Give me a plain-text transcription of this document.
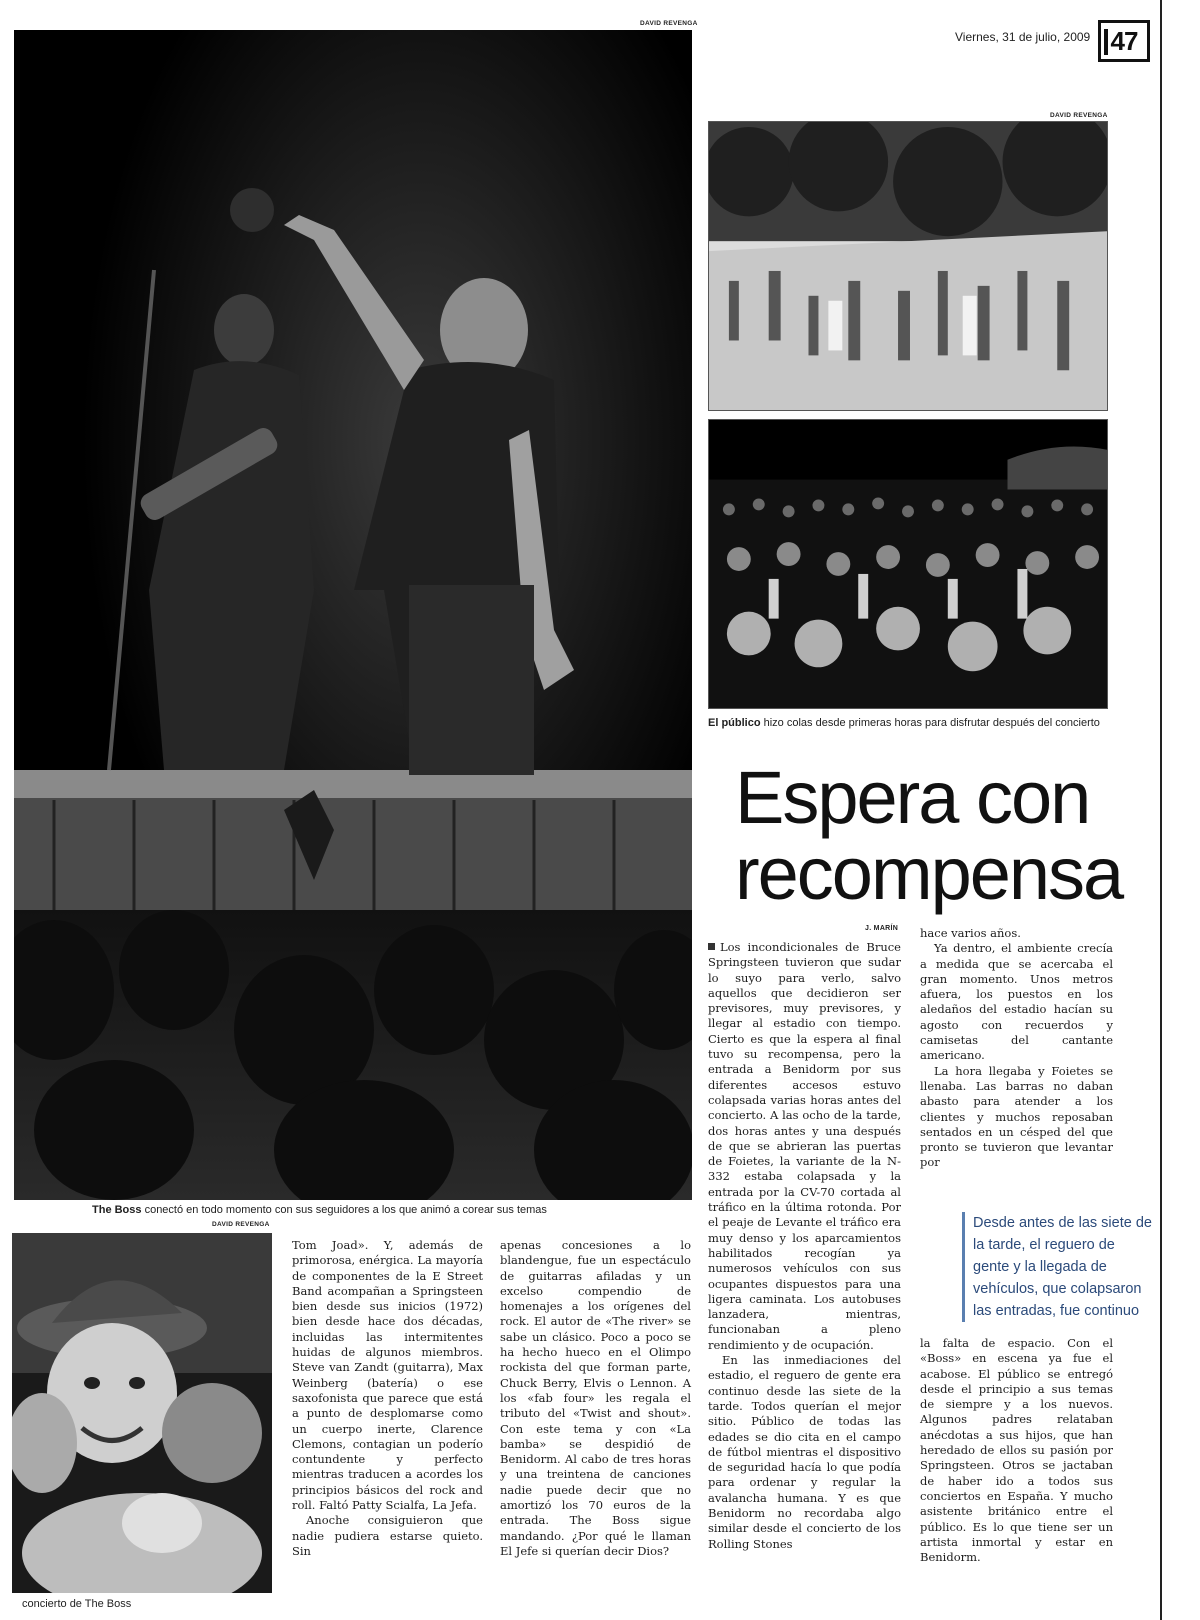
Viernes, 31 de julio, 2009 47
DAVID REVENGA
The Boss conectó en todo momento con sus seguidores a los que animó a corear sus temas
DAVID REVENGA
El público hizo colas desde primeras horas para disfrutar después del concierto
Espera con
recompensa
J. MARÍN
DAVID REVENGA
concierto de The Boss

Tom Joad». Y, además de primorosa, enérgica. La mayoría de componentes de la E Street Band acompañan a Springsteen bien desde sus inicios (1972) bien desde hace dos décadas, incluidas las intermitentes huidas de algunos miembros. Steve van Zandt (guitarra), Max Weinberg (batería) o ese saxofonista que parece que está a punto de desplomarse como un cuerpo inerte, Clarence Clemons, contagian un poderío contundente y perfecto mientras traducen a acordes los principios básicos del rock and roll. Faltó Patty Scialfa, La Jefa.

Anoche consiguieron que nadie pudiera estarse quieto. Sin

apenas concesiones a lo blandengue, fue un espectáculo de guitarras afiladas y un excelso compendio de homenajes a los orígenes del rock. El autor de «The river» se sabe un clásico. Poco a poco se ha hecho hueco en el Olimpo rockista del que forman parte, Chuck Berry, Elvis o Lennon. A los «fab four» les regala el tributo del «Twist and shout». Con este tema y con «La bamba» se despidió de Benidorm. Al cabo de tres horas y una treintena de canciones nadie puede decir que no amortizó los 70 euros de la entrada. The Boss sigue mandando. ¿Por qué le llaman El Jefe si querían decir Dios?

Los incondicionales de Bruce Springsteen tuvieron que sudar lo suyo para verlo, salvo aquellos que decidieron ser previsores, muy previsores, y llegar al estadio con tiempo. Cierto es que la espera al final tuvo su recompensa, pero la entrada a Benidorm por sus diferentes accesos estuvo colapsada varias horas antes del concierto. A las ocho de la tarde, dos horas antes y una después de que se abrieran las puertas de Foietes, la variante de la N-332 estaba colapsada y la entrada por la CV-70 cortada al tráfico en la última rotonda. Por el peaje de Levante el tráfico era muy denso y los aparcamientos habilitados recogían ya numerosos vehículos con sus ocupantes dispuestos para una ligera caminata. Los autobuses lanzadera, mientras, funcionaban a pleno rendimiento y de ocupación.

En las inmediaciones del estadio, el reguero de gente era continuo desde las siete de la tarde. Todos querían el mejor sitio. Público de todas las edades se dio cita en el campo de fútbol mientras el dispositivo de seguridad hacía lo que podía para ordenar y regular la avalancha humana. Y es que Benidorm no recordaba algo similar desde el concierto de los Rolling Stones

hace varios años.

Ya dentro, el ambiente crecía a medida que se acercaba el gran momento. Unos metros afuera, los puestos en los aledaños del estadio hacían su agosto con recuerdos y camisetas del cantante americano.

La hora llegaba y Foietes se llenaba. Las barras no daban abasto para atender a los clientes y muchos reposaban sentados en un césped del que pronto se tuvieron que levantar por

Desde antes de las siete de la tarde, el reguero de gente y la llegada de vehículos, que colapsaron las entradas, fue continuo

la falta de espacio. Con el «Boss» en escena ya fue el acabose. El público se entregó desde el principio a sus temas de siempre y a los nuevos. Algunos padres relataban anécdotas a sus hijos, que han heredado de ellos su pasión por Springsteen. Otros se jactaban de haber ido a todos sus conciertos en España. Y mucho asistente británico entre el público. Es lo que tiene ser un artista inmortal y estar en Benidorm.
